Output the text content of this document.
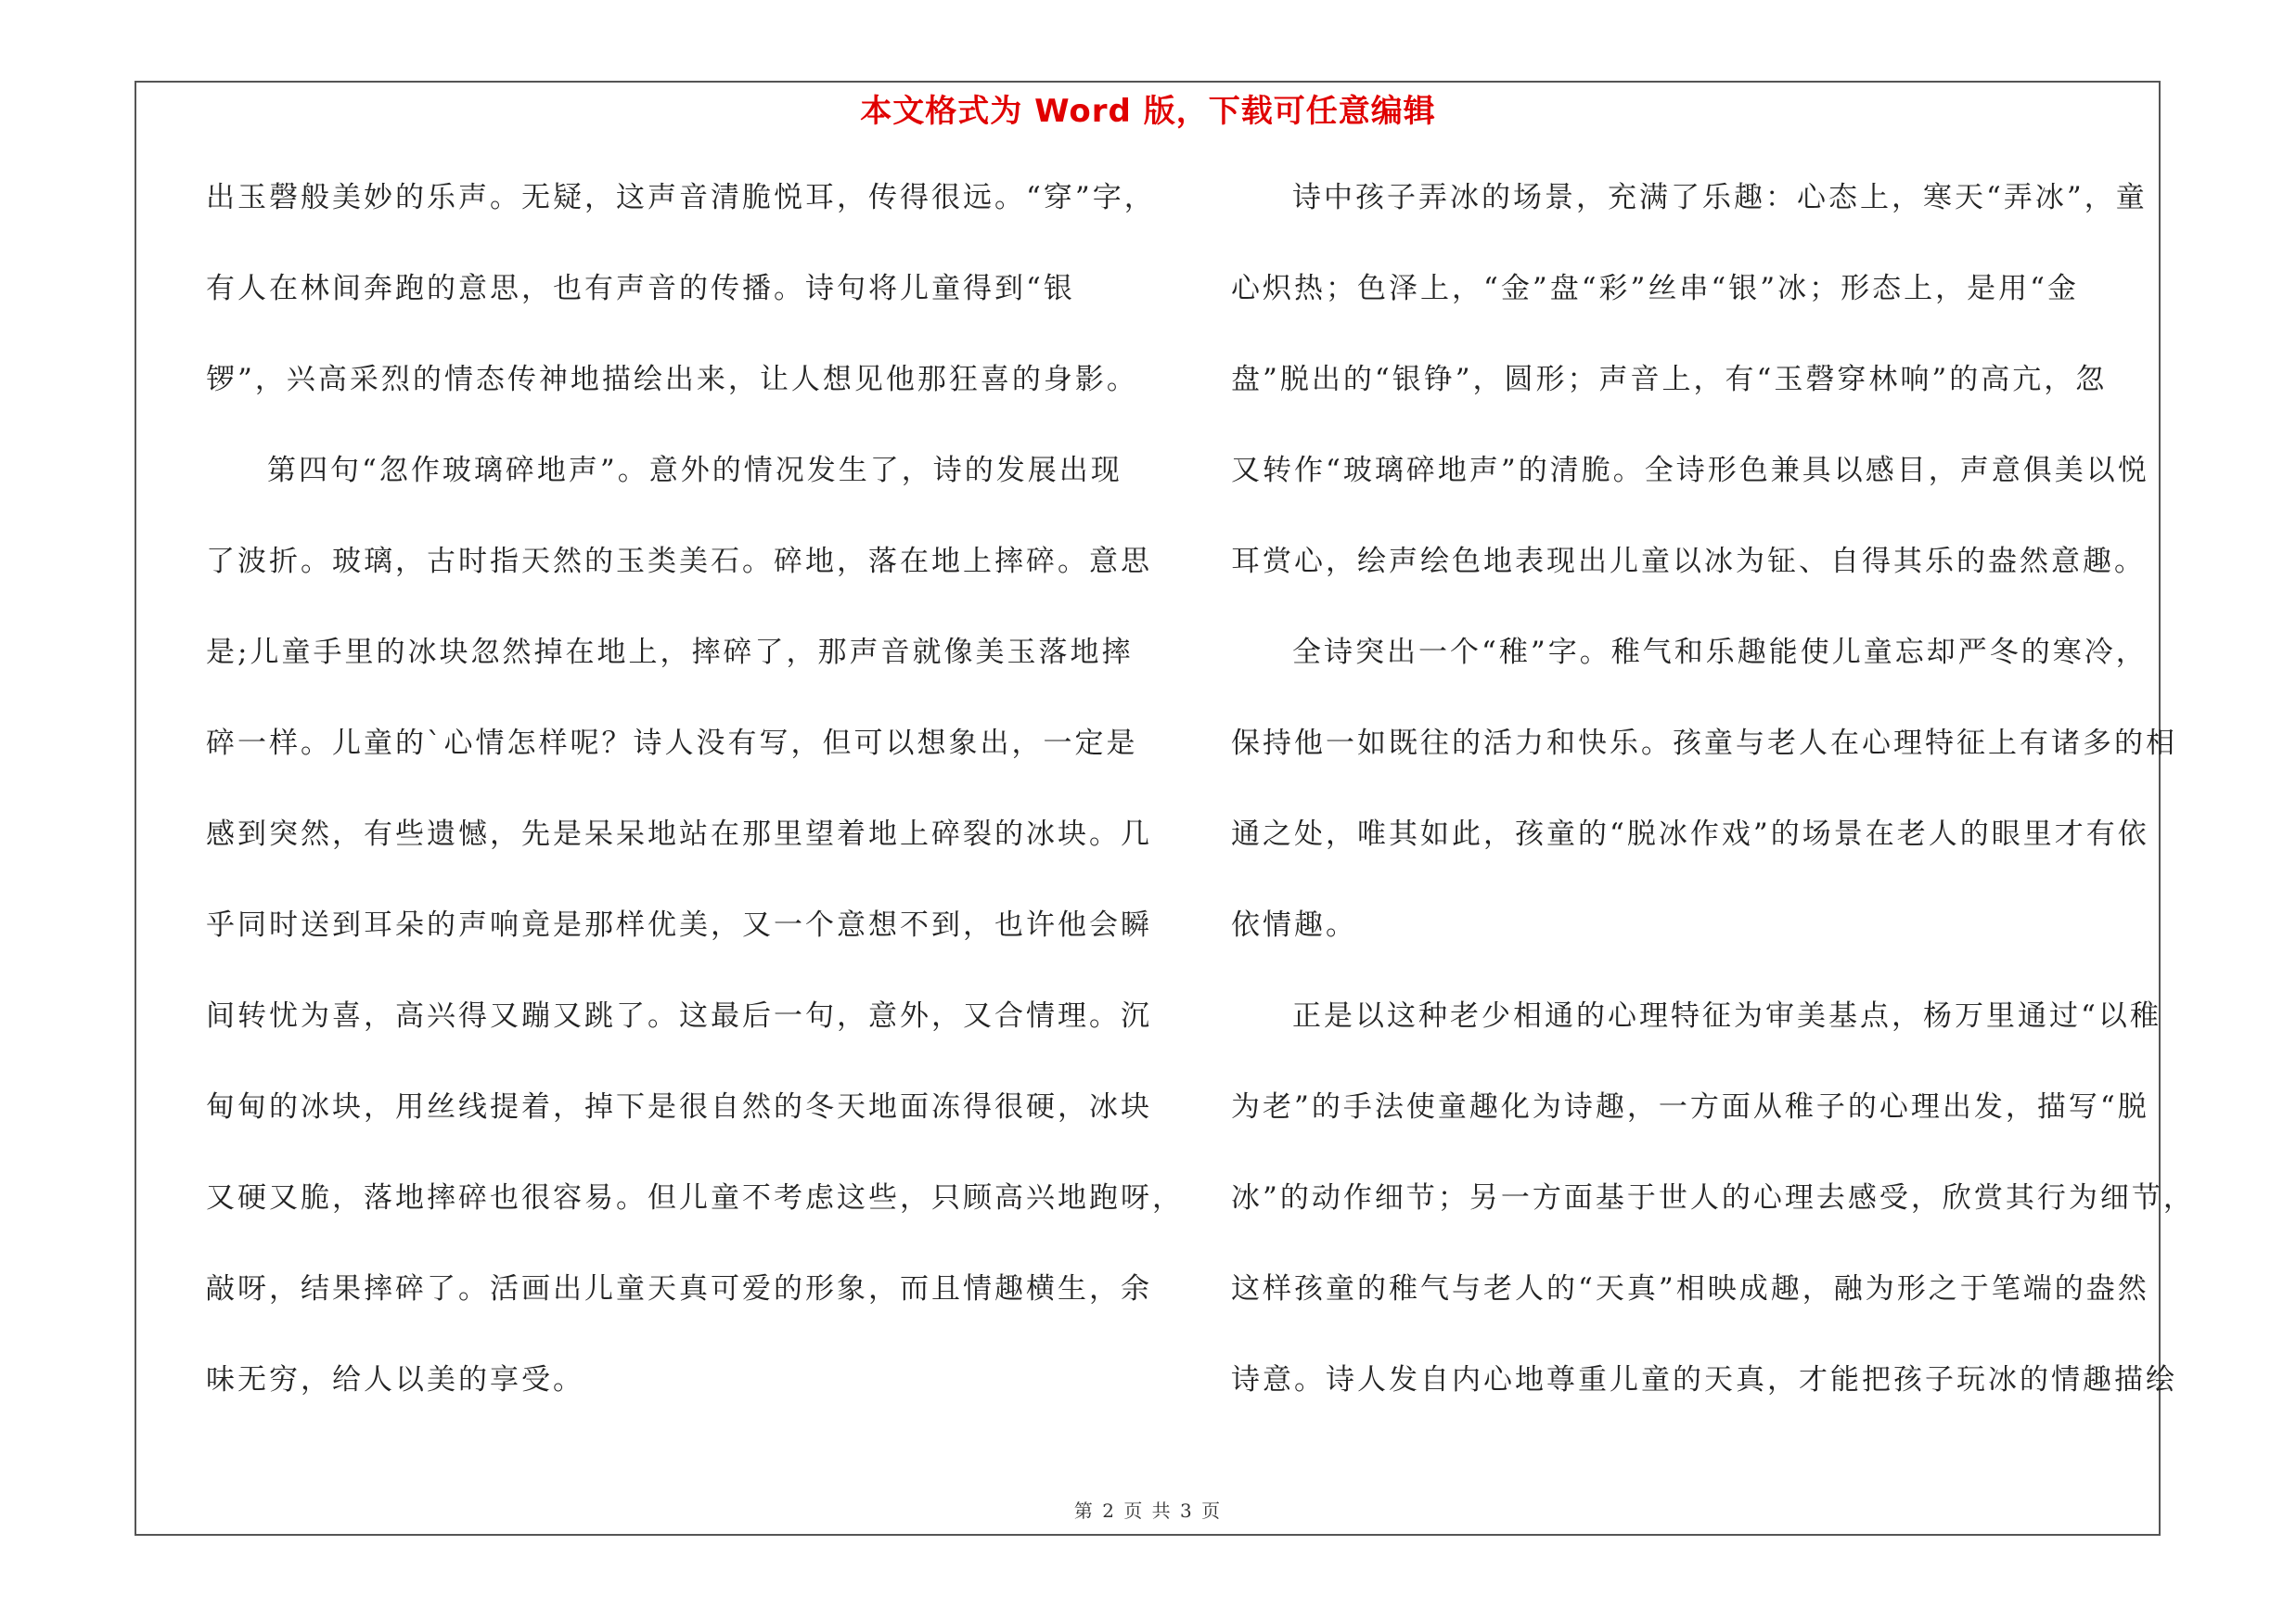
本文格式为 Word 版，下载可任意编辑
出玉磬般美妙的乐声。无疑，这声音清脆悦耳，传得很远。“穿”字，
有人在林间奔跑的意思，也有声音的传播。诗句将儿童得到“银
锣”，兴高采烈的情态传神地描绘出来，让人想见他那狂喜的身影。
第四句“忽作玻璃碎地声”。意外的情况发生了，诗的发展出现
了波折。玻璃，古时指天然的玉类美石。碎地，落在地上摔碎。意思
是;儿童手里的冰块忽然掉在地上，摔碎了，那声音就像美玉落地摔
碎一样。儿童的`心情怎样呢？诗人没有写，但可以想象出，一定是
感到突然，有些遗憾，先是呆呆地站在那里望着地上碎裂的冰块。几
乎同时送到耳朵的声响竟是那样优美，又一个意想不到，也许他会瞬
间转忧为喜，高兴得又蹦又跳了。这最后一句，意外，又合情理。沉
甸甸的冰块，用丝线提着，掉下是很自然的冬天地面冻得很硬，冰块
又硬又脆，落地摔碎也很容易。但儿童不考虑这些，只顾高兴地跑呀，
敲呀，结果摔碎了。活画出儿童天真可爱的形象，而且情趣横生，余
味无穷，给人以美的享受。
诗中孩子弄冰的场景，充满了乐趣：心态上，寒天“弄冰”，童
心炽热；色泽上，“金”盘“彩”丝串“银”冰；形态上，是用“金
盘”脱出的“银铮”，圆形；声音上，有“玉磬穿林响”的高亢，忽
又转作“玻璃碎地声”的清脆。全诗形色兼具以感目，声意俱美以悦
耳赏心，绘声绘色地表现出儿童以冰为钲、自得其乐的盎然意趣。
全诗突出一个“稚”字。稚气和乐趣能使儿童忘却严冬的寒冷，
保持他一如既往的活力和快乐。孩童与老人在心理特征上有诸多的相
通之处，唯其如此，孩童的“脱冰作戏”的场景在老人的眼里才有依
依情趣。
正是以这种老少相通的心理特征为审美基点，杨万里通过“以稚
为老”的手法使童趣化为诗趣，一方面从稚子的心理出发，描写“脱
冰”的动作细节；另一方面基于世人的心理去感受，欣赏其行为细节，
这样孩童的稚气与老人的“天真”相映成趣，融为形之于笔端的盎然
诗意。诗人发自内心地尊重儿童的天真，才能把孩子玩冰的情趣描绘
第 2 页 共 3 页
